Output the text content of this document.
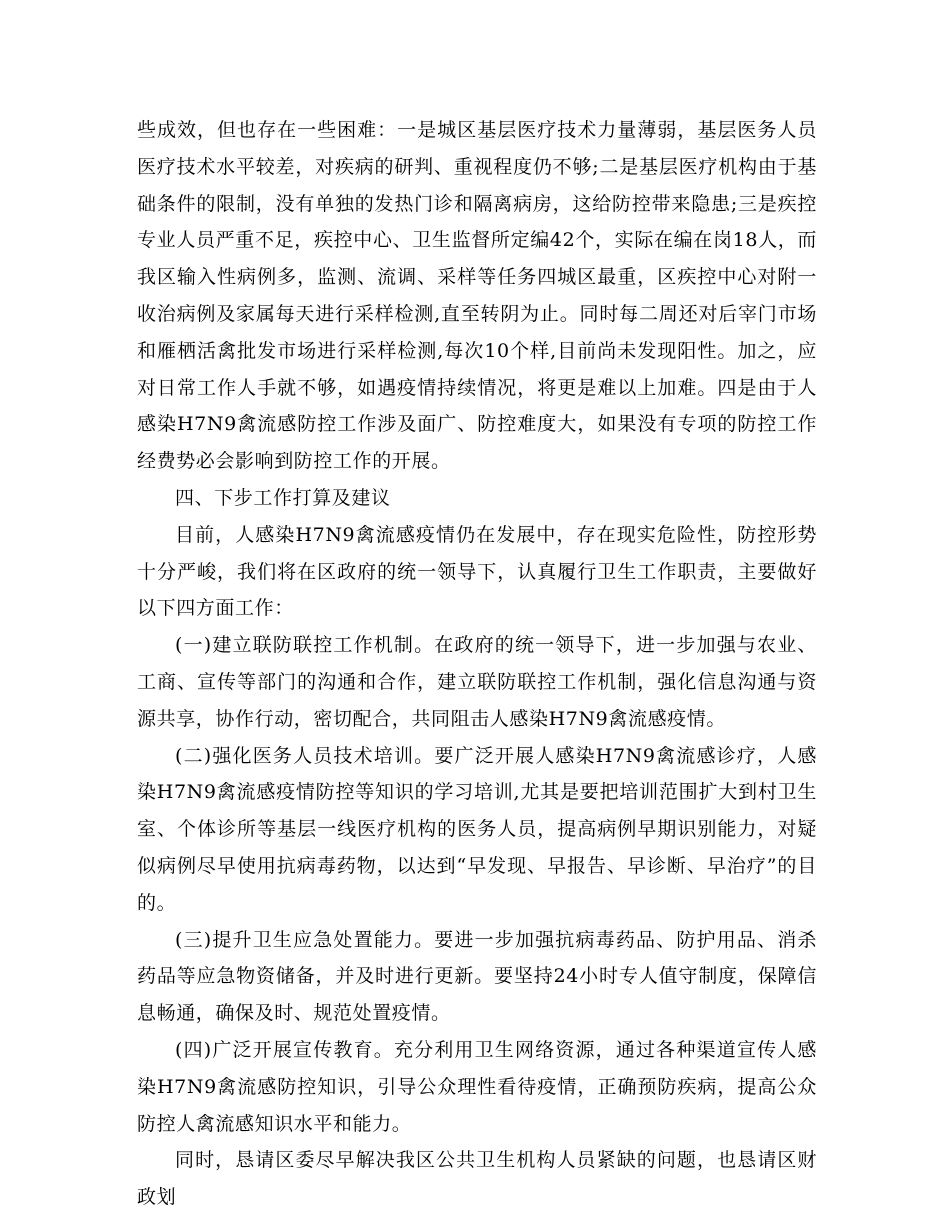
些成效，但也存在一些困难：一是城区基层医疗技术力量薄弱，基层医务人员医疗技术水平较差，对疾病的研判、重视程度仍不够;二是基层医疗机构由于基础条件的限制，没有单独的发热门诊和隔离病房，这给防控带来隐患;三是疾控专业人员严重不足，疾控中心、卫生监督所定编42个，实际在编在岗18人，而我区输入性病例多，监测、流调、采样等任务四城区最重，区疾控中心对附一收治病例及家属每天进行采样检测,直至转阴为止。同时每二周还对后宰门市场和雁栖活禽批发市场进行采样检测,每次10个样,目前尚未发现阳性。加之，应对日常工作人手就不够，如遇疫情持续情况，将更是难以上加难。四是由于人感染H7N9禽流感防控工作涉及面广、防控难度大，如果没有专项的防控工作经费势必会影响到防控工作的开展。

四、下步工作打算及建议

目前，人感染H7N9禽流感疫情仍在发展中，存在现实危险性，防控形势十分严峻，我们将在区政府的统一领导下，认真履行卫生工作职责，主要做好以下四方面工作：

(一)建立联防联控工作机制。在政府的统一领导下，进一步加强与农业、工商、宣传等部门的沟通和合作，建立联防联控工作机制，强化信息沟通与资源共享，协作行动，密切配合，共同阻击人感染H7N9禽流感疫情。

(二)强化医务人员技术培训。要广泛开展人感染H7N9禽流感诊疗，人感染H7N9禽流感疫情防控等知识的学习培训,尤其是要把培训范围扩大到村卫生室、个体诊所等基层一线医疗机构的医务人员，提高病例早期识别能力，对疑似病例尽早使用抗病毒药物，以达到“早发现、早报告、早诊断、早治疗”的目的。

(三)提升卫生应急处置能力。要进一步加强抗病毒药品、防护用品、消杀药品等应急物资储备，并及时进行更新。要坚持24小时专人值守制度，保障信息畅通，确保及时、规范处置疫情。

(四)广泛开展宣传教育。充分利用卫生网络资源，通过各种渠道宣传人感染H7N9禽流感防控知识，引导公众理性看待疫情，正确预防疾病，提高公众防控人禽流感知识水平和能力。

同时，恳请区委尽早解决我区公共卫生机构人员紧缺的问题，也恳请区财政划
